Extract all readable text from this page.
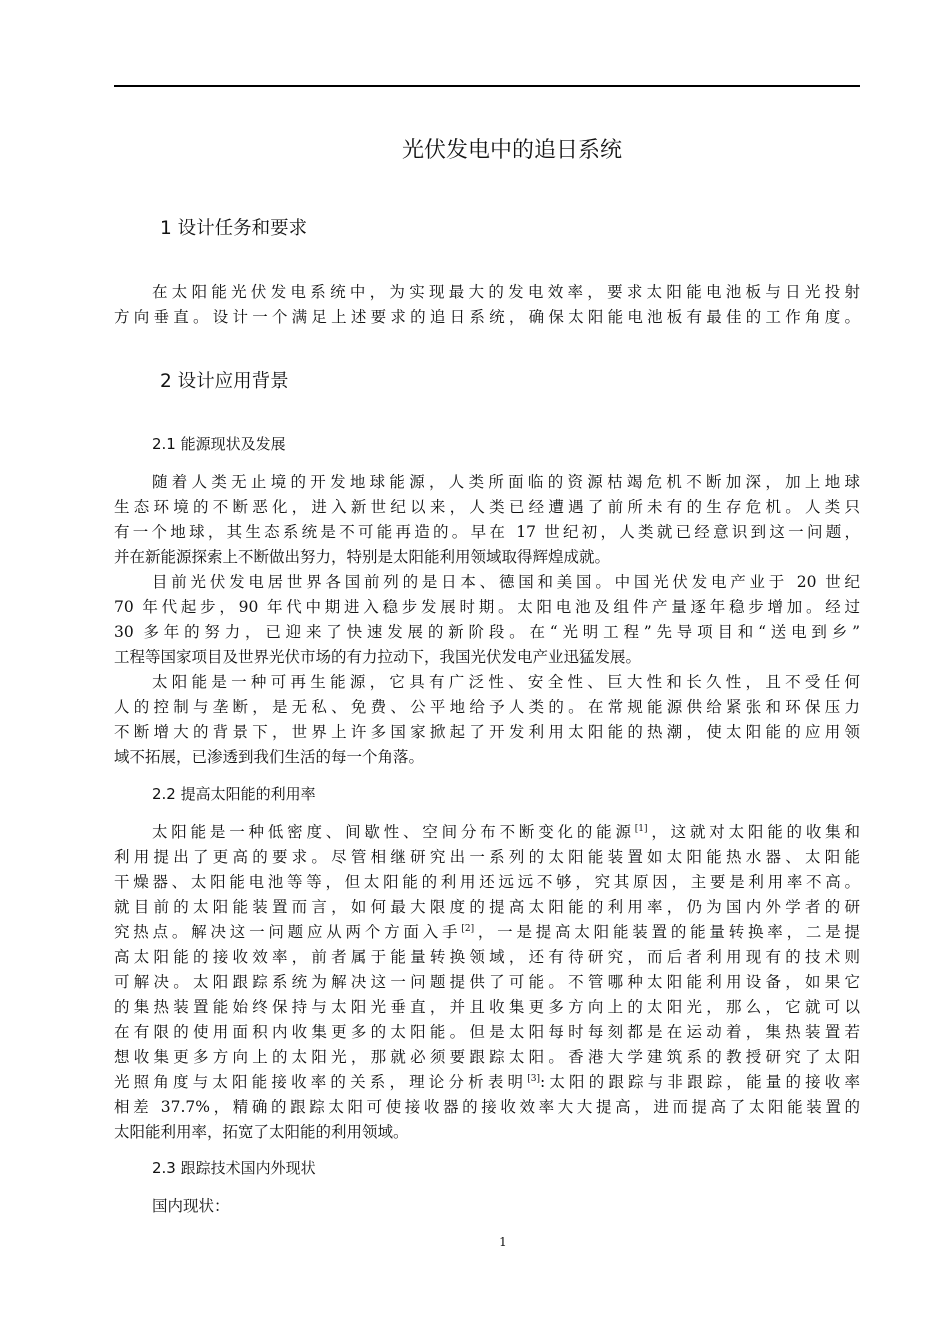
光伏发电中的追日系统
1 设计任务和要求
在太阳能光伏发电系统中，为实现最大的发电效率，要求太阳能电池板与日光投射
方向垂直。设计一个满足上述要求的追日系统，确保太阳能电池板有最佳的工作角度。
2 设计应用背景
2.1 能源现状及发展
随着人类无止境的开发地球能源，人类所面临的资源枯竭危机不断加深，加上地球
生态环境的不断恶化，进入新世纪以来，人类已经遭遇了前所未有的生存危机。人类只
有一个地球，其生态系统是不可能再造的。早在 17 世纪初，人类就已经意识到这一问题，
并在新能源探索上不断做出努力，特别是太阳能利用领域取得辉煌成就。
目前光伏发电居世界各国前列的是日本、德国和美国。中国光伏发电产业于 20 世纪
70 年代起步，90 年代中期进入稳步发展时期。太阳电池及组件产量逐年稳步增加。经过
30 多年的努力，已迎来了快速发展的新阶段。在“光明工程”先导项目和“送电到乡”
工程等国家项目及世界光伏市场的有力拉动下，我国光伏发电产业迅猛发展。
太阳能是一种可再生能源，它具有广泛性、安全性、巨大性和长久性，且不受任何
人的控制与垄断，是无私、免费、公平地给予人类的。在常规能源供给紧张和环保压力
不断增大的背景下，世界上许多国家掀起了开发利用太阳能的热潮，使太阳能的应用领
域不拓展，已渗透到我们生活的每一个角落。
2.2 提高太阳能的利用率
太阳能是一种低密度、间歇性、空间分布不断变化的能源[1]，这就对太阳能的收集和
利用提出了更高的要求。尽管相继研究出一系列的太阳能装置如太阳能热水器、太阳能
干燥器、太阳能电池等等，但太阳能的利用还远远不够，究其原因，主要是利用率不高。
就目前的太阳能装置而言，如何最大限度的提高太阳能的利用率，仍为国内外学者的研
究热点。解决这一问题应从两个方面入手[2]，一是提高太阳能装置的能量转换率，二是提
高太阳能的接收效率，前者属于能量转换领域，还有待研究，而后者利用现有的技术则
可解决。太阳跟踪系统为解决这一问题提供了可能。不管哪种太阳能利用设备，如果它
的集热装置能始终保持与太阳光垂直，并且收集更多方向上的太阳光，那么，它就可以
在有限的使用面积内收集更多的太阳能。但是太阳每时每刻都是在运动着，集热装置若
想收集更多方向上的太阳光，那就必须要跟踪太阳。香港大学建筑系的教授研究了太阳
光照角度与太阳能接收率的关系，理论分析表明[3]:太阳的跟踪与非跟踪，能量的接收率
相差 37.7%，精确的跟踪太阳可使接收器的接收效率大大提高，进而提高了太阳能装置的
太阳能利用率，拓宽了太阳能的利用领域。
2.3 跟踪技术国内外现状
国内现状：
1
